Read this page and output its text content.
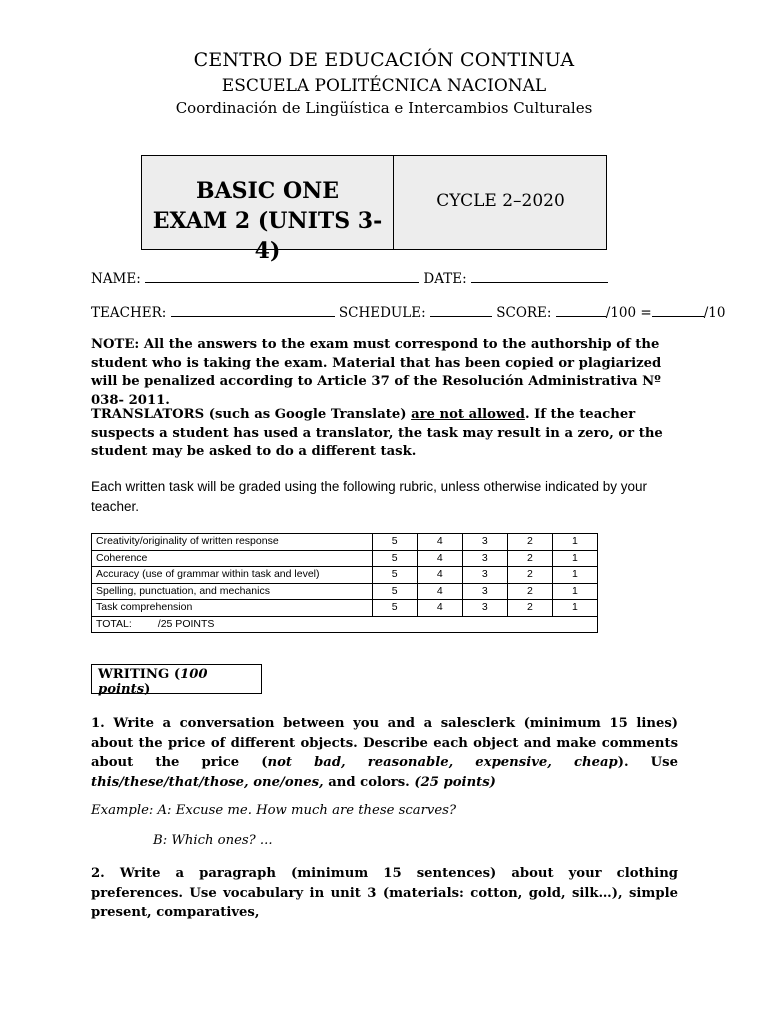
CENTRO DE EDUCACIÓN CONTINUA
ESCUELA POLITÉCNICA NACIONAL
Coordinación de Lingüística e Intercambios Culturales
BASIC ONE
EXAM 2 (UNITS 3-4)
CYCLE 2–2020
NAME:	DATE:
TEACHER:	SCHEDULE:	SCORE:	/100 =	/10
NOTE: All the answers to the exam must correspond to the authorship of the student who is taking the exam. Material that has been copied or plagiarized will be penalized according to Article 37 of the Resolución Administrativa Nº 038- 2011.
TRANSLATORS (such as Google Translate) are not allowed. If the teacher suspects a student has used a translator, the task may result in a zero, or the student may be asked to do a different task.
Each written task will be graded using the following rubric, unless otherwise indicated by your teacher.
Creativity/originality of written response	5	4	3	2	1
Coherence	5	4	3	2	1
Accuracy (use of grammar within task and level)	5	4	3	2	1
Spelling, punctuation, and mechanics	5	4	3	2	1
Task comprehension	5	4	3	2	1
TOTAL: /25 POINTS					
WRITING (100 points)
1. Write a conversation between you and a salesclerk (minimum 15 lines) about the price of different objects. Describe each object and make comments about the price (not bad, reasonable, expensive, cheap). Use this/these/that/those, one/ones, and colors. (25 points)
Example: A: Excuse me. How much are these scarves?
B: Which ones? ...
2. Write a paragraph (minimum 15 sentences) about your clothing preferences. Use vocabulary in unit 3 (materials: cotton, gold, silk…), simple present, comparatives,
